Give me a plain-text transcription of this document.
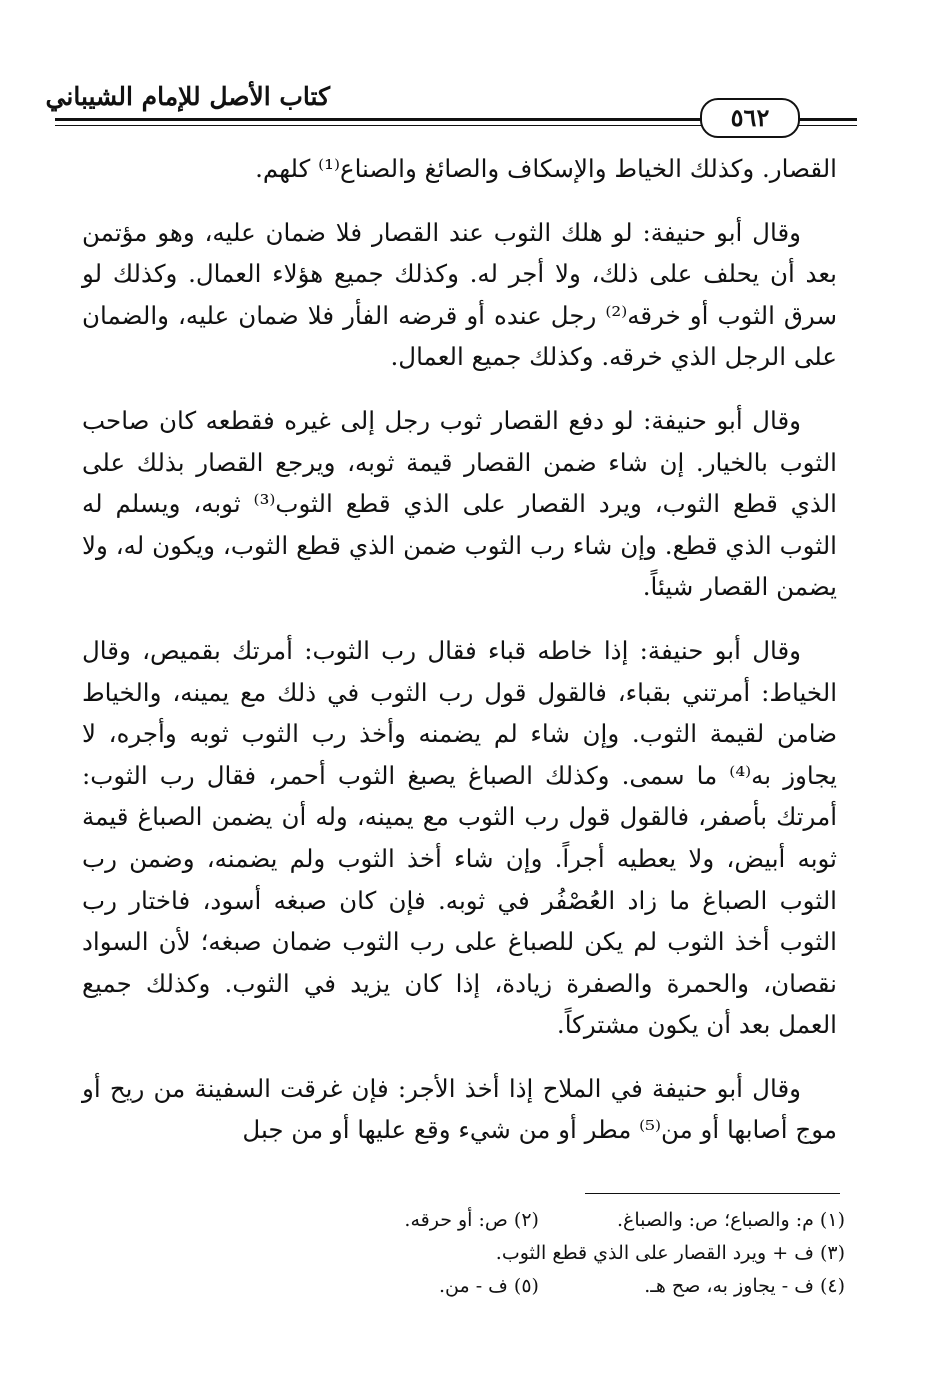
كتاب الأصل للإمام الشيباني
٥٦٢

القصار. وكذلك الخياط والإسكاف والصائغ والصناع⁽¹⁾ كلهم.

وقال أبو حنيفة: لو هلك الثوب عند القصار فلا ضمان عليه، وهو مؤتمن بعد أن يحلف على ذلك، ولا أجر له. وكذلك جميع هؤلاء العمال. وكذلك لو سرق الثوب أو خرقه⁽²⁾ رجل عنده أو قرضه الفأر فلا ضمان عليه، والضمان على الرجل الذي خرقه. وكذلك جميع العمال.

وقال أبو حنيفة: لو دفع القصار ثوب رجل إلى غيره فقطعه كان صاحب الثوب بالخيار. إن شاء ضمن القصار قيمة ثوبه، ويرجع القصار بذلك على الذي قطع الثوب، ويرد القصار على الذي قطع الثوب⁽³⁾ ثوبه، ويسلم له الثوب الذي قطع. وإن شاء رب الثوب ضمن الذي قطع الثوب، ويكون له، ولا يضمن القصار شيئاً.

وقال أبو حنيفة: إذا خاطه قباء فقال رب الثوب: أمرتك بقميص، وقال الخياط: أمرتني بقباء، فالقول قول رب الثوب في ذلك مع يمينه، والخياط ضامن لقيمة الثوب. وإن شاء لم يضمنه وأخذ رب الثوب ثوبه وأجره، لا يجاوز به⁽⁴⁾ ما سمى. وكذلك الصباغ يصبغ الثوب أحمر، فقال رب الثوب: أمرتك بأصفر، فالقول قول رب الثوب مع يمينه، وله أن يضمن الصباغ قيمة ثوبه أبيض، ولا يعطيه أجراً. وإن شاء أخذ الثوب ولم يضمنه، وضمن رب الثوب الصباغ ما زاد العُصْفُر في ثوبه. فإن كان صبغه أسود، فاختار رب الثوب أخذ الثوب لم يكن للصباغ على رب الثوب ضمان صبغه؛ لأن السواد نقصان، والحمرة والصفرة زيادة، إذا كان يزيد في الثوب. وكذلك جميع العمل بعد أن يكون مشتركاً.

وقال أبو حنيفة في الملاح إذا أخذ الأجر: فإن غرقت السفينة من ريح أو موج أصابها أو من⁽⁵⁾ مطر أو من شيء وقع عليها أو من جبل

(١) م: والصباع؛ ص: والصباغ. (٢) ص: أو حرقه.
(٣) ف + ويرد القصار على الذي قطع الثوب.
(٤) ف - يجاوز به، صح هـ. (٥) ف - من.
